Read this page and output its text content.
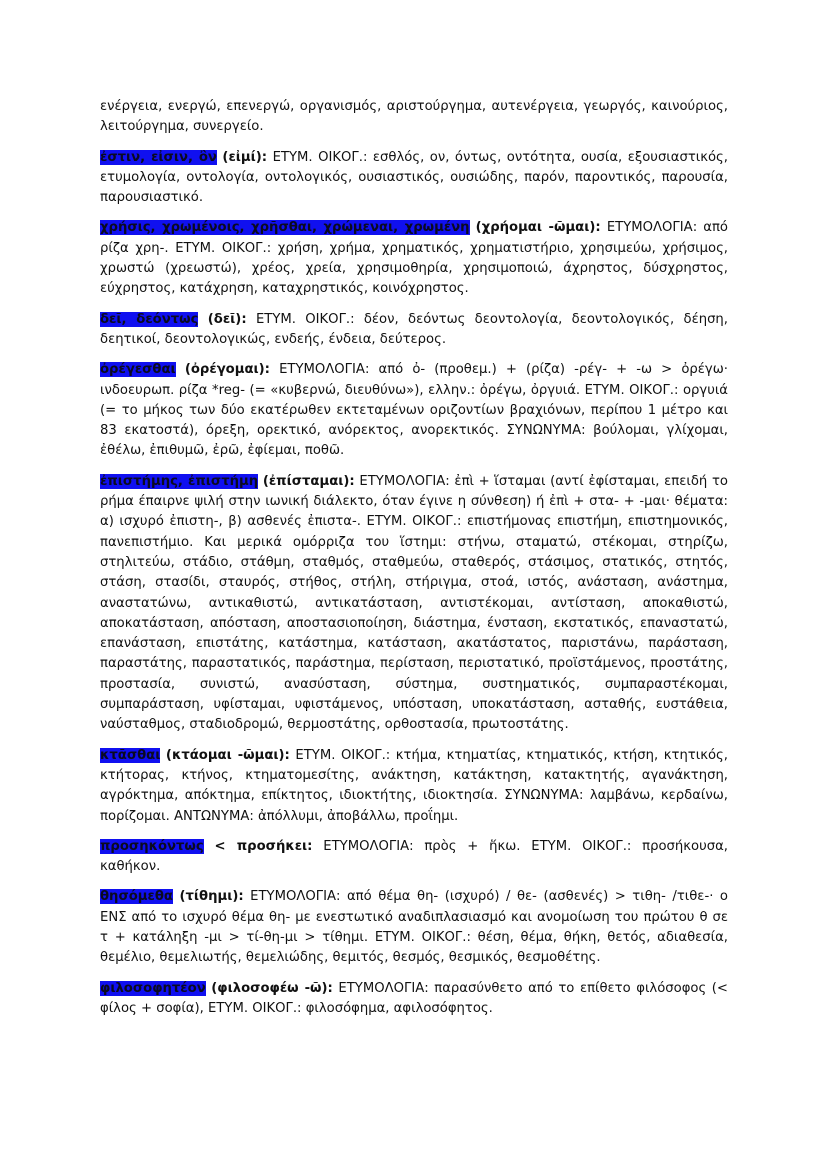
ενέργεια, ενεργώ, επενεργώ, οργανισμός, αριστούργημα, αυτενέργεια, γεωργός, καινούριος, λειτούργημα, συνεργείο.

ἐστιν, εἰσιν, ὂν (εἰμί): ΕΤΥΜ. ΟΙΚΟΓ.: εσθλός, ον, όντως, οντότητα, ουσία, εξουσιαστικός, ετυμολογία, οντολογία, οντολογικός, ουσιαστικός, ουσιώδης, παρόν, παροντικός, παρουσία, παρουσιαστικό.

χρήσις, χρωμένοις, χρῆσθαι, χρώμεναι, χρωμένη (χρήομαι -ῶμαι): ΕΤΥΜΟΛΟΓΙΑ: από ρίζα χρη-. ΕΤΥΜ. ΟΙΚΟΓ.: χρήση, χρήμα, χρηματικός, χρηματιστήριο, χρησιμεύω, χρήσιμος, χρωστώ (χρεωστώ), χρέος, χρεία, χρησιμοθηρία, χρησιμοποιώ, άχρηστος, δύσχρηστος, εύχρηστος, κατάχρηση, καταχρηστικός, κοινόχρηστος.

δεῖ, δεόντως (δεῖ): ΕΤΥΜ. ΟΙΚΟΓ.: δέον, δεόντως δεοντολογία, δεοντολογικός, δέηση, δεητικοί, δεοντολογικώς, ενδεής, ένδεια, δεύτερος.

ὀρέγεσθαι (ὀρέγομαι): ΕΤΥΜΟΛΟΓΙΑ: από ὀ- (προθεμ.) + (ρίζα) -ρέγ- + -ω > ὀρέγω· ινδοευρωπ. ρίζα *reg- (= «κυβερνώ, διευθύνω»), ελλην.: ὀρέγω, ὀργυιά. ΕΤΥΜ. ΟΙΚΟΓ.: οργυιά (= το μήκος των δύο εκατέρωθεν εκτεταμένων οριζοντίων βραχιόνων, περίπου 1 μέτρο και 83 εκατοστά), όρεξη, ορεκτικό, ανόρεκτος, ανορεκτικός. ΣΥΝΩΝΥΜΑ: βούλομαι, γλίχομαι, ἐθέλω, ἐπιθυμῶ, ἐρῶ, ἐφίεμαι, ποθῶ.

ἐπιστήμης, ἐπιστήμη (ἐπίσταμαι): ΕΤΥΜΟΛΟΓΙΑ: ἐπὶ + ἵσταμαι (αντί ἐφίσταμαι, επειδή το ρήμα έπαιρνε ψιλή στην ιωνική διάλεκτο, όταν έγινε η σύνθεση) ή ἐπὶ + στα- + -μαι· θέματα: α) ισχυρό ἐπιστη-, β) ασθενές ἐπιστα-. ΕΤΥΜ. ΟΙΚΟΓ.: επιστήμονας επιστήμη, επιστημονικός, πανεπιστήμιο. Και μερικά ομόρριζα του ἵστημι: στήνω, σταματώ, στέκομαι, στηρίζω, στηλιτεύω, στάδιο, στάθμη, σταθμός, σταθμεύω, σταθερός, στάσιμος, στατικός, στητός, στάση, στασίδι, σταυρός, στήθος, στήλη, στήριγμα, στοά, ιστός, ανάσταση, ανάστημα, αναστατώνω, αντικαθιστώ, αντικατάσταση, αντιστέκομαι, αντίσταση, αποκαθιστώ, αποκατάσταση, απόσταση, αποστασιοποίηση, διάστημα, ένσταση, εκστατικός, επαναστατώ, επανάσταση, επιστάτης, κατάστημα, κατάσταση, ακατάστατος, παριστάνω, παράσταση, παραστάτης, παραστατικός, παράστημα, περίσταση, περιστατικό, προϊστάμενος, προστάτης, προστασία, συνιστώ, ανασύσταση, σύστημα, συστηματικός, συμπαραστέκομαι, συμπαράσταση, υφίσταμαι, υφιστάμενος, υπόσταση, υποκατάσταση, ασταθής, ευστάθεια, ναύσταθμος, σταδιοδρομώ, θερμοστάτης, ορθοστασία, πρωτοστάτης.

κτᾶσθαι (κτάομαι -ῶμαι): ΕΤΥΜ. ΟΙΚΟΓ.: κτήμα, κτηματίας, κτηματικός, κτήση, κτητικός, κτήτορας, κτήνος, κτηματομεσίτης, ανάκτηση, κατάκτηση, κατακτητής, αγανάκτηση, αγρόκτημα, απόκτημα, επίκτητος, ιδιοκτήτης, ιδιοκτησία. ΣΥΝΩΝΥΜΑ: λαμβάνω, κερδαίνω, πορίζομαι. ΑΝΤΩΝΥΜΑ: ἀπόλλυμι, ἀποβάλλω, προΐημι.

προσηκόντως < προσήκει: ΕΤΥΜΟΛΟΓΙΑ: πρὸς + ἥκω. ΕΤΥΜ. ΟΙΚΟΓ.: προσήκουσα, καθήκον.

θησόμεθα (τίθημι): ΕΤΥΜΟΛΟΓΙΑ: από θέμα θη- (ισχυρό) / θε- (ασθενές) > τιθη- /τιθε-· ο ΕΝΣ από το ισχυρό θέμα θη- με ενεστωτικό αναδιπλασιασμό και ανομοίωση του πρώτου θ σε τ + κατάληξη -μι > τί-θη-μι > τίθημι. ΕΤΥΜ. ΟΙΚΟΓ.: θέση, θέμα, θήκη, θετός, αδιαθεσία, θεμέλιο, θεμελιωτής, θεμελιώδης, θεμιτός, θεσμός, θεσμικός, θεσμοθέτης.

φιλοσοφητέον (φιλοσοφέω -ῶ): ΕΤΥΜΟΛΟΓΙΑ: παρασύνθετο από το επίθετο φιλόσοφος (< φίλος + σοφία), ΕΤΥΜ. ΟΙΚΟΓ.: φιλοσόφημα, αφιλοσόφητος.
